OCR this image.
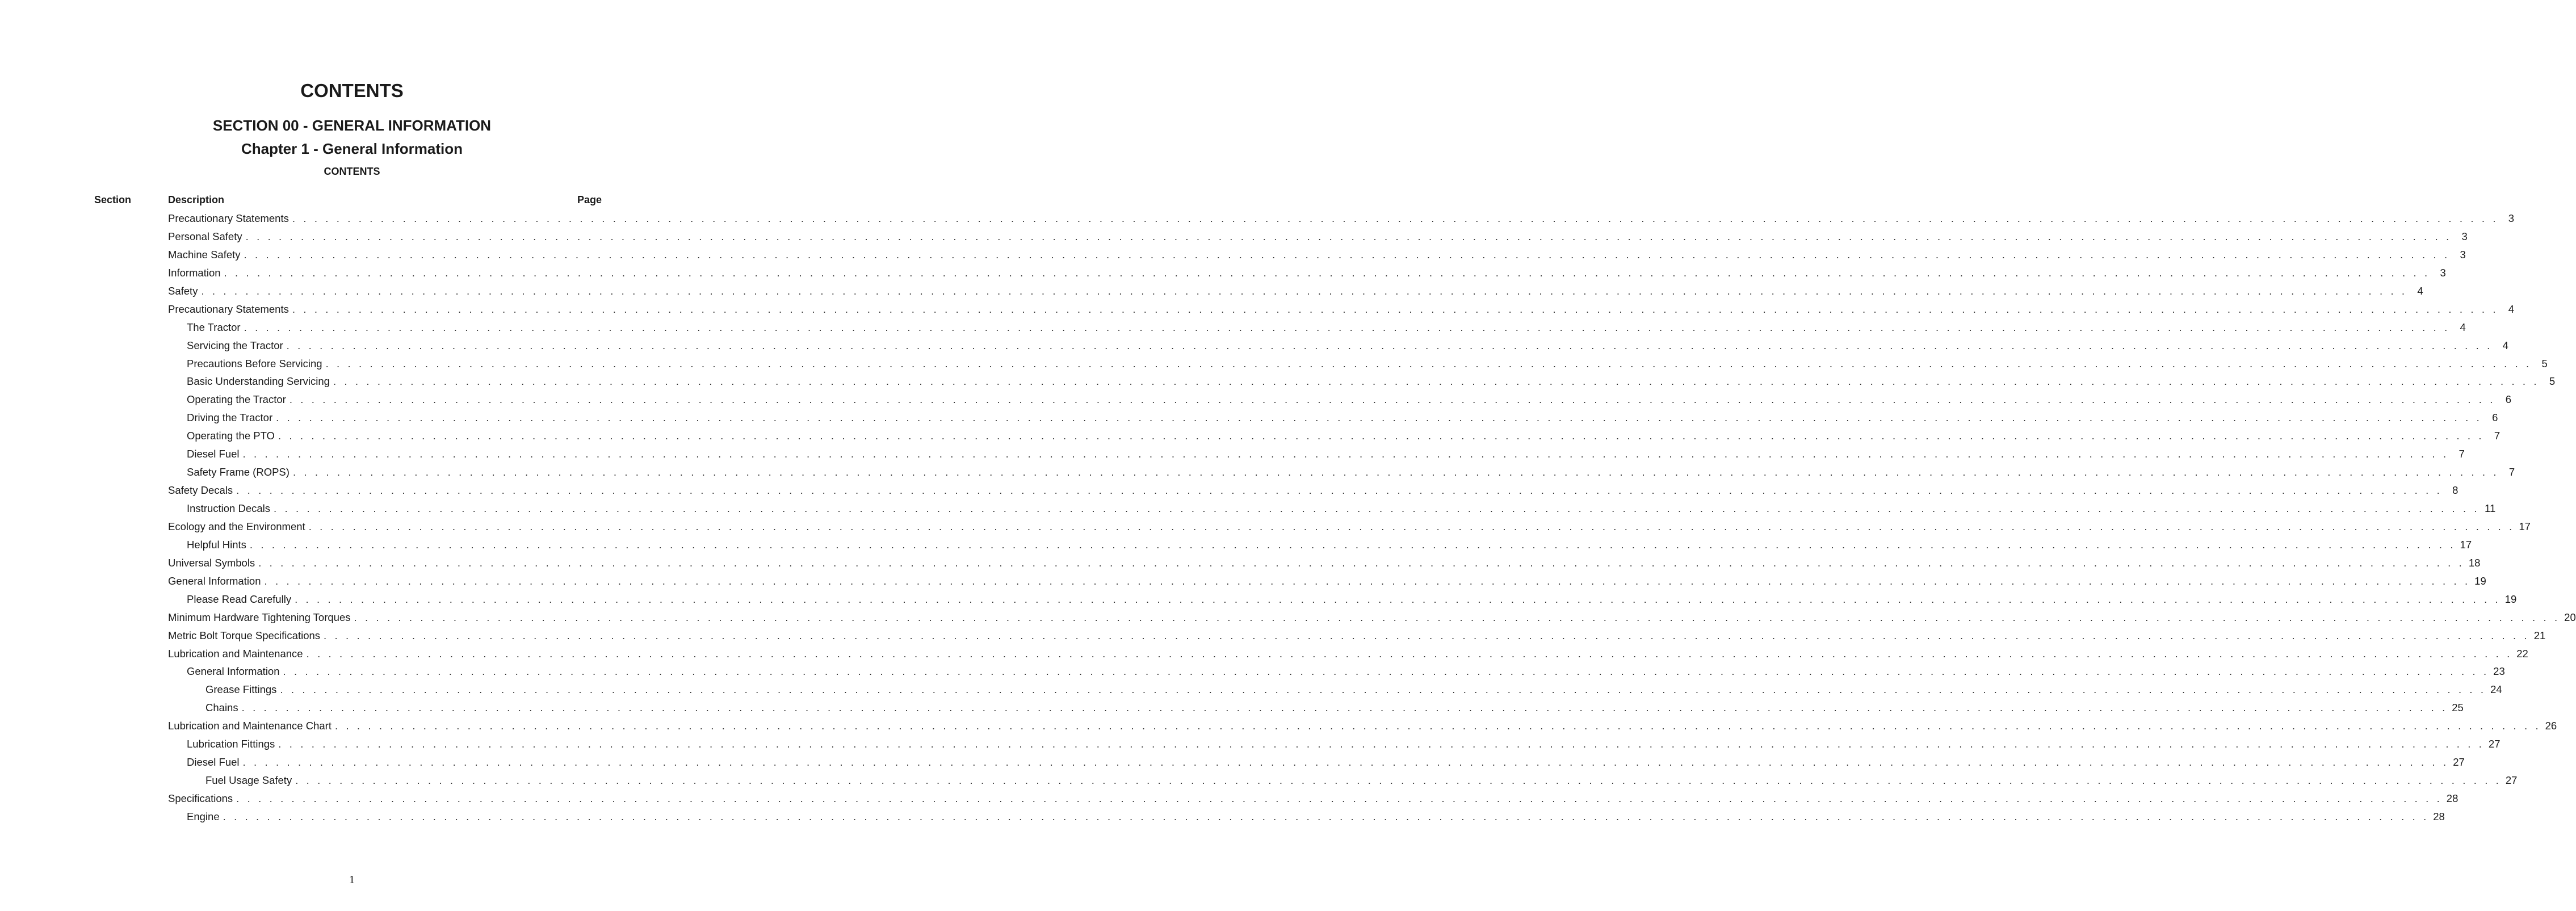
CONTENTS
SECTION 00 - GENERAL INFORMATION
Chapter 1 - General Information
CONTENTS
Section	Description	Page
Precautionary Statements . . . . . . . . . . . . . . . . . . . . . . . . . . . . . . . . . . . . . . . . . . . . . . . . . . . . . . . . . . . . . . . . . . . . . . . . . . . . . . . . . . . . . . . . . . . . . . . . . . . . . . . . . . . . . . . . . . . . . . . . . . . . . . . . . . . . . . . . . . . . . . . . . . . . . . . . . . . . . . . . . . . . . . . . . . . . . . . . . . . . . . . . . . . . . . . . . . . . . . . . 3
Personal Safety . . . . . . . . . . . . . . . . . . . . . . . . . . . . . . . . . . . . . . . . . . . . . . . . . . . . . . . . . . . . . . . . . . . . . . . . . . . . . . . . . . . . . . . . . . . . . . . . . . . . . . . . . . . . . . . . . . . . . . . . . . . . . . . . . . . . . . . . . . . . . . . . . . . . . . . . . . . . . . . . . . . . . . . . . . . . . . . . . . . . . . . . . . . . . . . . . . . . . . . . 3
Machine Safety . . . . . . . . . . . . . . . . . . . . . . . . . . . . . . . . . . . . . . . . . . . . . . . . . . . . . . . . . . . . . . . . . . . . . . . . . . . . . . . . . . . . . . . . . . . . . . . . . . . . . . . . . . . . . . . . . . . . . . . . . . . . . . . . . . . . . . . . . . . . . . . . . . . . . . . . . . . . . . . . . . . . . . . . . . . . . . . . . . . . . . . . . . . . . . . . . . . . . . . . 3
Information . . . . . . . . . . . . . . . . . . . . . . . . . . . . . . . . . . . . . . . . . . . . . . . . . . . . . . . . . . . . . . . . . . . . . . . . . . . . . . . . . . . . . . . . . . . . . . . . . . . . . . . . . . . . . . . . . . . . . . . . . . . . . . . . . . . . . . . . . . . . . . . . . . . . . . . . . . . . . . . . . . . . . . . . . . . . . . . . . . . . . . . . . . . . . . . . . . . . . . . . 3
Safety . . . . . . . . . . . . . . . . . . . . . . . . . . . . . . . . . . . . . . . . . . . . . . . . . . . . . . . . . . . . . . . . . . . . . . . . . . . . . . . . . . . . . . . . . . . . . . . . . . . . . . . . . . . . . . . . . . . . . . . . . . . . . . . . . . . . . . . . . . . . . . . . . . . . . . . . . . . . . . . . . . . . . . . . . . . . . . . . . . . . . . . . . . . . . . . . . . . . . . . . 4
Precautionary Statements . . . . . . . . . . . . . . . . . . . . . . . . . . . . . . . . . . . . . . . . . . . . . . . . . . . . . . . . . . . . . . . . . . . . . . . . . . . . . . . . . . . . . . . . . . . . . . . . . . . . . . . . . . . . . . . . . . . . . . . . . . . . . . . . . . . . . . . . . . . . . . . . . . . . . . . . . . . . . . . . . . . . . . . . . . . . . . . . . . . . . . . . . . . . . . . . . . . . . . . . 4
The Tractor . . . . . . . . . . . . . . . . . . . . . . . . . . . . . . . . . . . . . . . . . . . . . . . . . . . . . . . . . . . . . . . . . . . . . . . . . . . . . . . . . . . . . . . . . . . . . . . . . . . . . . . . . . . . . . . . . . . . . . . . . . . . . . . . . . . . . . . . . . . . . . . . . . . . . . . . . . . . . . . . . . . . . . . . . . . . . . . . . . . . . . . . . . . . . . . . . . . . . . . . 4
Servicing the Tractor . . . . . . . . . . . . . . . . . . . . . . . . . . . . . . . . . . . . . . . . . . . . . . . . . . . . . . . . . . . . . . . . . . . . . . . . . . . . . . . . . . . . . . . . . . . . . . . . . . . . . . . . . . . . . . . . . . . . . . . . . . . . . . . . . . . . . . . . . . . . . . . . . . . . . . . . . . . . . . . . . . . . . . . . . . . . . . . . . . . . . . . . . . . . . . . . . . . . . . . . 4
Precautions Before Servicing . . . . . . . . . . . . . . . . . . . . . . . . . . . . . . . . . . . . . . . . . . . . . . . . . . . . . . . . . . . . . . . . . . . . . . . . . . . . . . . . . . . . . . . . . . . . . . . . . . . . . . . . . . . . . . . . . . . . . . . . . . . . . . . . . . . . . . . . . . . . . . . . . . . . . . . . . . . . . . . . . . . . . . . . . . . . . . . . . . . . . . . . . . . . . . . . . . . . . . . . 5
Basic Understanding Servicing . . . . . . . . . . . . . . . . . . . . . . . . . . . . . . . . . . . . . . . . . . . . . . . . . . . . . . . . . . . . . . . . . . . . . . . . . . . . . . . . . . . . . . . . . . . . . . . . . . . . . . . . . . . . . . . . . . . . . . . . . . . . . . . . . . . . . . . . . . . . . . . . . . . . . . . . . . . . . . . . . . . . . . . . . . . . . . . . . . . . . . . . . . . . . . . . . . . . . . . . 5
Operating the Tractor . . . . . . . . . . . . . . . . . . . . . . . . . . . . . . . . . . . . . . . . . . . . . . . . . . . . . . . . . . . . . . . . . . . . . . . . . . . . . . . . . . . . . . . . . . . . . . . . . . . . . . . . . . . . . . . . . . . . . . . . . . . . . . . . . . . . . . . . . . . . . . . . . . . . . . . . . . . . . . . . . . . . . . . . . . . . . . . . . . . . . . . . . . . . . . . . . . . . . . . . 6
Driving the Tractor . . . . . . . . . . . . . . . . . . . . . . . . . . . . . . . . . . . . . . . . . . . . . . . . . . . . . . . . . . . . . . . . . . . . . . . . . . . . . . . . . . . . . . . . . . . . . . . . . . . . . . . . . . . . . . . . . . . . . . . . . . . . . . . . . . . . . . . . . . . . . . . . . . . . . . . . . . . . . . . . . . . . . . . . . . . . . . . . . . . . . . . . . . . . . . . . . . . . . . . . 6
Operating the PTO . . . . . . . . . . . . . . . . . . . . . . . . . . . . . . . . . . . . . . . . . . . . . . . . . . . . . . . . . . . . . . . . . . . . . . . . . . . . . . . . . . . . . . . . . . . . . . . . . . . . . . . . . . . . . . . . . . . . . . . . . . . . . . . . . . . . . . . . . . . . . . . . . . . . . . . . . . . . . . . . . . . . . . . . . . . . . . . . . . . . . . . . . . . . . . . . . . . . . . . . 7
Diesel Fuel . . . . . . . . . . . . . . . . . . . . . . . . . . . . . . . . . . . . . . . . . . . . . . . . . . . . . . . . . . . . . . . . . . . . . . . . . . . . . . . . . . . . . . . . . . . . . . . . . . . . . . . . . . . . . . . . . . . . . . . . . . . . . . . . . . . . . . . . . . . . . . . . . . . . . . . . . . . . . . . . . . . . . . . . . . . . . . . . . . . . . . . . . . . . . . . . . . . . . . . . 7
Safety Frame (ROPS) . . . . . . . . . . . . . . . . . . . . . . . . . . . . . . . . . . . . . . . . . . . . . . . . . . . . . . . . . . . . . . . . . . . . . . . . . . . . . . . . . . . . . . . . . . . . . . . . . . . . . . . . . . . . . . . . . . . . . . . . . . . . . . . . . . . . . . . . . . . . . . . . . . . . . . . . . . . . . . . . . . . . . . . . . . . . . . . . . . . . . . . . . . . . . . . . . . . . . . . . 7
Safety Decals . . . . . . . . . . . . . . . . . . . . . . . . . . . . . . . . . . . . . . . . . . . . . . . . . . . . . . . . . . . . . . . . . . . . . . . . . . . . . . . . . . . . . . . . . . . . . . . . . . . . . . . . . . . . . . . . . . . . . . . . . . . . . . . . . . . . . . . . . . . . . . . . . . . . . . . . . . . . . . . . . . . . . . . . . . . . . . . . . . . . . . . . . . . . . . . . . . . . . . . . 8
Instruction Decals . . . . . . . . . . . . . . . . . . . . . . . . . . . . . . . . . . . . . . . . . . . . . . . . . . . . . . . . . . . . . . . . . . . . . . . . . . . . . . . . . . . . . . . . . . . . . . . . . . . . . . . . . . . . . . . . . . . . . . . . . . . . . . . . . . . . . . . . . . . . . . . . . . . . . . . . . . . . . . . . . . . . . . . . . . . . . . . . . . . . . . . . . . . . . . . . . . . . . . . . 11
Ecology and the Environment . . . . . . . . . . . . . . . . . . . . . . . . . . . . . . . . . . . . . . . . . . . . . . . . . . . . . . . . . . . . . . . . . . . . . . . . . . . . . . . . . . . . . . . . . . . . . . . . . . . . . . . . . . . . . . . . . . . . . . . . . . . . . . . . . . . . . . . . . . . . . . . . . . . . . . . . . . . . . . . . . . . . . . . . . . . . . . . . . . . . . . . . . . . . . . . . . . . . . . . . 17
Helpful Hints . . . . . . . . . . . . . . . . . . . . . . . . . . . . . . . . . . . . . . . . . . . . . . . . . . . . . . . . . . . . . . . . . . . . . . . . . . . . . . . . . . . . . . . . . . . . . . . . . . . . . . . . . . . . . . . . . . . . . . . . . . . . . . . . . . . . . . . . . . . . . . . . . . . . . . . . . . . . . . . . . . . . . . . . . . . . . . . . . . . . . . . . . . . . . . . . . . . . . . . . 17
Universal Symbols . . . . . . . . . . . . . . . . . . . . . . . . . . . . . . . . . . . . . . . . . . . . . . . . . . . . . . . . . . . . . . . . . . . . . . . . . . . . . . . . . . . . . . . . . . . . . . . . . . . . . . . . . . . . . . . . . . . . . . . . . . . . . . . . . . . . . . . . . . . . . . . . . . . . . . . . . . . . . . . . . . . . . . . . . . . . . . . . . . . . . . . . . . . . . . . . . . . . . . . . 18
General Information . . . . . . . . . . . . . . . . . . . . . . . . . . . . . . . . . . . . . . . . . . . . . . . . . . . . . . . . . . . . . . . . . . . . . . . . . . . . . . . . . . . . . . . . . . . . . . . . . . . . . . . . . . . . . . . . . . . . . . . . . . . . . . . . . . . . . . . . . . . . . . . . . . . . . . . . . . . . . . . . . . . . . . . . . . . . . . . . . . . . . . . . . . . . . . . . . . . . . . . . 19
Please Read Carefully . . . . . . . . . . . . . . . . . . . . . . . . . . . . . . . . . . . . . . . . . . . . . . . . . . . . . . . . . . . . . . . . . . . . . . . . . . . . . . . . . . . . . . . . . . . . . . . . . . . . . . . . . . . . . . . . . . . . . . . . . . . . . . . . . . . . . . . . . . . . . . . . . . . . . . . . . . . . . . . . . . . . . . . . . . . . . . . . . . . . . . . . . . . . . . . . . . . . . . . . 19
Minimum Hardware Tightening Torques . . . . . . . . . . . . . . . . . . . . . . . . . . . . . . . . . . . . . . . . . . . . . . . . . . . . . . . . . . . . . . . . . . . . . . . . . . . . . . . . . . . . . . . . . . . . . . . . . . . . . . . . . . . . . . . . . . . . . . . . . . . . . . . . . . . . . . . . . . . . . . . . . . . . . . . . . . . . . . . . . . . . . . . . . . . . . . . . . . . . . . . . . . . . . . . . . . . . . . . . 20
Metric Bolt Torque Specifications . . . . . . . . . . . . . . . . . . . . . . . . . . . . . . . . . . . . . . . . . . . . . . . . . . . . . . . . . . . . . . . . . . . . . . . . . . . . . . . . . . . . . . . . . . . . . . . . . . . . . . . . . . . . . . . . . . . . . . . . . . . . . . . . . . . . . . . . . . . . . . . . . . . . . . . . . . . . . . . . . . . . . . . . . . . . . . . . . . . . . . . . . . . . . . . . . . . . . . . . 21
Lubrication and Maintenance . . . . . . . . . . . . . . . . . . . . . . . . . . . . . . . . . . . . . . . . . . . . . . . . . . . . . . . . . . . . . . . . . . . . . . . . . . . . . . . . . . . . . . . . . . . . . . . . . . . . . . . . . . . . . . . . . . . . . . . . . . . . . . . . . . . . . . . . . . . . . . . . . . . . . . . . . . . . . . . . . . . . . . . . . . . . . . . . . . . . . . . . . . . . . . . . . . . . . . . . 22
General Information . . . . . . . . . . . . . . . . . . . . . . . . . . . . . . . . . . . . . . . . . . . . . . . . . . . . . . . . . . . . . . . . . . . . . . . . . . . . . . . . . . . . . . . . . . . . . . . . . . . . . . . . . . . . . . . . . . . . . . . . . . . . . . . . . . . . . . . . . . . . . . . . . . . . . . . . . . . . . . . . . . . . . . . . . . . . . . . . . . . . . . . . . . . . . . . . . . . . . . . . 23
Grease Fittings . . . . . . . . . . . . . . . . . . . . . . . . . . . . . . . . . . . . . . . . . . . . . . . . . . . . . . . . . . . . . . . . . . . . . . . . . . . . . . . . . . . . . . . . . . . . . . . . . . . . . . . . . . . . . . . . . . . . . . . . . . . . . . . . . . . . . . . . . . . . . . . . . . . . . . . . . . . . . . . . . . . . . . . . . . . . . . . . . . . . . . . . . . . . . . . . . . . . . . . . 24
Chains . . . . . . . . . . . . . . . . . . . . . . . . . . . . . . . . . . . . . . . . . . . . . . . . . . . . . . . . . . . . . . . . . . . . . . . . . . . . . . . . . . . . . . . . . . . . . . . . . . . . . . . . . . . . . . . . . . . . . . . . . . . . . . . . . . . . . . . . . . . . . . . . . . . . . . . . . . . . . . . . . . . . . . . . . . . . . . . . . . . . . . . . . . . . . . . . . . . . . . . . 25
Lubrication and Maintenance Chart . . . . . . . . . . . . . . . . . . . . . . . . . . . . . . . . . . . . . . . . . . . . . . . . . . . . . . . . . . . . . . . . . . . . . . . . . . . . . . . . . . . . . . . . . . . . . . . . . . . . . . . . . . . . . . . . . . . . . . . . . . . . . . . . . . . . . . . . . . . . . . . . . . . . . . . . . . . . . . . . . . . . . . . . . . . . . . . . . . . . . . . . . . . . . . . . . . . . . . . . 26
Lubrication Fittings . . . . . . . . . . . . . . . . . . . . . . . . . . . . . . . . . . . . . . . . . . . . . . . . . . . . . . . . . . . . . . . . . . . . . . . . . . . . . . . . . . . . . . . . . . . . . . . . . . . . . . . . . . . . . . . . . . . . . . . . . . . . . . . . . . . . . . . . . . . . . . . . . . . . . . . . . . . . . . . . . . . . . . . . . . . . . . . . . . . . . . . . . . . . . . . . . . . . . . . . 27
Diesel Fuel . . . . . . . . . . . . . . . . . . . . . . . . . . . . . . . . . . . . . . . . . . . . . . . . . . . . . . . . . . . . . . . . . . . . . . . . . . . . . . . . . . . . . . . . . . . . . . . . . . . . . . . . . . . . . . . . . . . . . . . . . . . . . . . . . . . . . . . . . . . . . . . . . . . . . . . . . . . . . . . . . . . . . . . . . . . . . . . . . . . . . . . . . . . . . . . . . . . . . . . . 27
Fuel Usage Safety . . . . . . . . . . . . . . . . . . . . . . . . . . . . . . . . . . . . . . . . . . . . . . . . . . . . . . . . . . . . . . . . . . . . . . . . . . . . . . . . . . . . . . . . . . . . . . . . . . . . . . . . . . . . . . . . . . . . . . . . . . . . . . . . . . . . . . . . . . . . . . . . . . . . . . . . . . . . . . . . . . . . . . . . . . . . . . . . . . . . . . . . . . . . . . . . . . . . . . . . 27
Specifications . . . . . . . . . . . . . . . . . . . . . . . . . . . . . . . . . . . . . . . . . . . . . . . . . . . . . . . . . . . . . . . . . . . . . . . . . . . . . . . . . . . . . . . . . . . . . . . . . . . . . . . . . . . . . . . . . . . . . . . . . . . . . . . . . . . . . . . . . . . . . . . . . . . . . . . . . . . . . . . . . . . . . . . . . . . . . . . . . . . . . . . . . . . . . . . . . . . . . . . . 28
Engine . . . . . . . . . . . . . . . . . . . . . . . . . . . . . . . . . . . . . . . . . . . . . . . . . . . . . . . . . . . . . . . . . . . . . . . . . . . . . . . . . . . . . . . . . . . . . . . . . . . . . . . . . . . . . . . . . . . . . . . . . . . . . . . . . . . . . . . . . . . . . . . . . . . . . . . . . . . . . . . . . . . . . . . . . . . . . . . . . . . . . . . . . . . . . . . . . . . . . . . . 28
1
